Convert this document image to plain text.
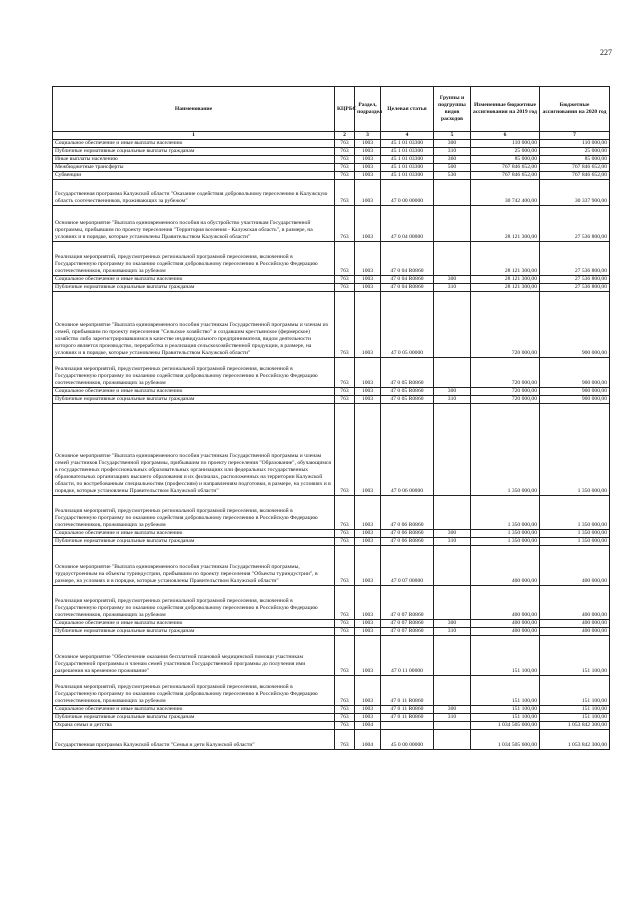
227
Наименование	КЦРБС	Раздел, подраздел	Целевая статья	Группы и подгруппы видов расходов	Измененные бюджетные ассигнования на 2019 год	Бюджетные ассигнования на 2020 год
1	2	3	4	5	6	7
Социальное обеспечение и иные выплаты населению	763	1003	45 1 01 03300	300	110 000,00	110 000,00
Публичные нормативные социальные выплаты гражданам	763	1003	45 1 01 03300	310	25 000,00	25 000,00
Иные выплаты населению	763	1003	45 1 01 03300	360	85 000,00	85 000,00
Межбюджетные трансферты	763	1003	45 1 01 03300	500	767 846 652,00	767 846 652,00
Субвенции	763	1003	45 1 01 03300	530	767 846 652,00	767 846 652,00
Государственная программа Калужской области "Оказание содействия добровольному переселению в Калужскую область соотечественников, проживающих за рубежом"	763	1003	47 0 00 00000		30 742 400,00	30 337 900,00
Основное мероприятие "Выплата единовременного пособия на обустройство участникам Государственной программы, прибывшим по проекту переселения "Территория вселения - Калужская область", в размере, на условиях и в порядке, которые установлены Правительством Калужской области"	763	1003	47 0 04 00000		28 121 300,00	27 536 800,00
Реализация мероприятий, предусмотренных региональной программой переселения, включенной в Государственную программу по оказанию содействия добровольному переселению в Российскую Федерацию соотечественников, проживающих за рубежом	763	1003	47 0 04 R0860		28 121 300,00	27 536 800,00
Социальное обеспечение и иные выплаты населению	763	1003	47 0 04 R0860	300	28 121 300,00	27 536 800,00
Публичные нормативные социальные выплаты гражданам	763	1003	47 0 04 R0860	310	28 121 300,00	27 536 800,00
Основное мероприятие "Выплата единовременного пособия участникам Государственной программы и членам их семей, прибывшим по проекту переселения "Сельское хозяйство" и создавшим крестьянское (фермерское) хозяйство либо зарегистрировавшимся в качестве индивидуального предпринимателя, видом деятельности которого является производство, переработка и реализация сельскохозяйственной продукции, в размере, на условиях и в порядке, которые установлены Правительством Калужской области"	763	1003	47 0 05 00000		720 000,00	900 000,00
Реализация мероприятий, предусмотренных региональной программой переселения, включенной в Государственную программу по оказанию содействия добровольному переселению в Российскую Федерацию соотечественников, проживающих за рубежом	763	1003	47 0 05 R0860		720 000,00	900 000,00
Социальное обеспечение и иные выплаты населению	763	1003	47 0 05 R0860	300	720 000,00	900 000,00
Публичные нормативные социальные выплаты гражданам	763	1003	47 0 05 R0860	310	720 000,00	900 000,00
Основное мероприятие "Выплата единовременного пособия участникам Государственной программы и членам семей участников Государственной программы, прибывшим по проекту переселения "Образование", обучающимся в государственных профессиональных образовательных организациях или федеральных государственных образовательных организациях высшего образования и их филиалах, расположенных на территории Калужской области, по востребованным специальностям (профессиям) и направлениям подготовки, в размере, на условиях и в порядке, которые установлены Правительством Калужской области"	763	1003	47 0 06 00000		1 350 000,00	1 350 000,00
Реализация мероприятий, предусмотренных региональной программой переселения, включенной в Государственную программу по оказанию содействия добровольному переселению в Российскую Федерацию соотечественников, проживающих за рубежом	763	1003	47 0 06 R0860		1 350 000,00	1 350 000,00
Социальное обеспечение и иные выплаты населению	763	1003	47 0 06 R0860	300	1 350 000,00	1 350 000,00
Публичные нормативные социальные выплаты гражданам	763	1003	47 0 06 R0860	310	1 350 000,00	1 350 000,00
Основное мероприятие "Выплата единовременного пособия участникам Государственной программы, трудоустроенным на объекты туриндустрии, прибывшим по проекту переселения "Объекты туриндустрии", в размере, на условиях и в порядке, которые установлены Правительством Калужской области"	763	1003	47 0 07 00000		400 000,00	400 000,00
Реализация мероприятий, предусмотренных региональной программой переселения, включенной в Государственную программу по оказанию содействия добровольному переселению в Российскую Федерацию соотечественников, проживающих за рубежом	763	1003	47 0 07 R0860		400 000,00	400 000,00
Социальное обеспечение и иные выплаты населению	763	1003	47 0 07 R0860	300	400 000,00	400 000,00
Публичные нормативные социальные выплаты гражданам	763	1003	47 0 07 R0860	310	400 000,00	400 000,00
Основное мероприятие "Обеспечение оказания бесплатной плановой медицинской помощи участникам Государственной программы и членам семей участников Государственной программы до получения ими разрешения на временное проживание"	763	1003	47 0 11 00000		151 100,00	151 100,00
Реализация мероприятий, предусмотренных региональной программой переселения, включенной в Государственную программу по оказанию содействия добровольному переселению в Российскую Федерацию соотечественников, проживающих за рубежом	763	1003	47 0 11 R0860		151 100,00	151 100,00
Социальное обеспечение и иные выплаты населению	763	1003	47 0 11 R0860	300	151 100,00	151 100,00
Публичные нормативные социальные выплаты гражданам	763	1003	47 0 11 R0860	310	151 100,00	151 100,00
Охрана семьи и детства	763	1004			1 034 505 600,00	1 053 842 300,00
Государственная программа Калужской области "Семья и дети Калужской области"	763	1004	45 0 00 00000		1 034 505 600,00	1 053 842 300,00
